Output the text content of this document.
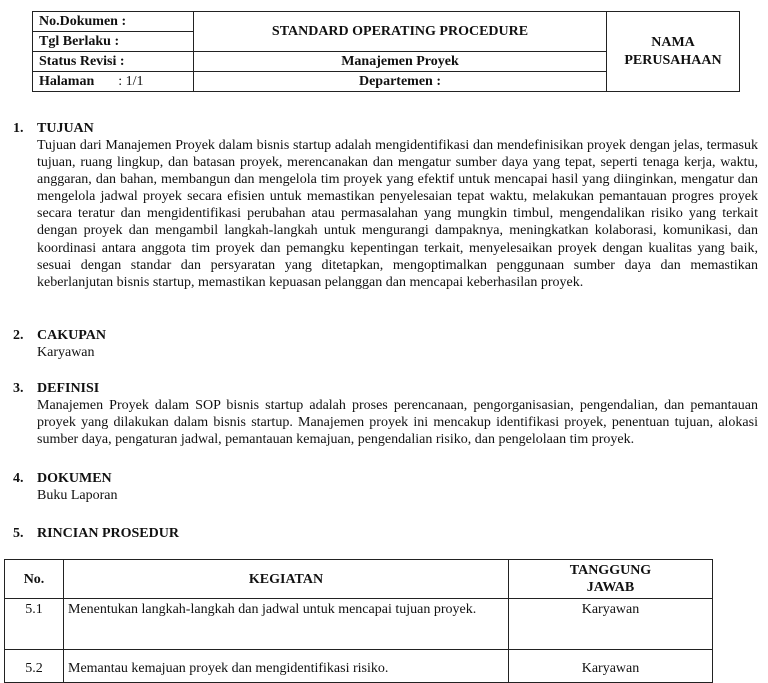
No.Dokumen :	STANDARD OPERATING PROCEDURE	NAMA
PERUSAHAAN
Tgl Berlaku :		
Status Revisi :	Manajemen Proyek	
Halaman : 1/1	Departemen :	
1. TUJUAN

Tujuan dari Manajemen Proyek dalam bisnis startup adalah mengidentifikasi dan mendefinisikan proyek dengan jelas, termasuk tujuan, ruang lingkup, dan batasan proyek, merencanakan dan mengatur sumber daya yang tepat, seperti tenaga kerja, waktu, anggaran, dan bahan, membangun dan mengelola tim proyek yang efektif untuk mencapai hasil yang diinginkan, mengatur dan mengelola jadwal proyek secara efisien untuk memastikan penyelesaian tepat waktu, melakukan pemantauan progres proyek secara teratur dan mengidentifikasi perubahan atau permasalahan yang mungkin timbul, mengendalikan risiko yang terkait dengan proyek dan mengambil langkah-langkah untuk mengurangi dampaknya, meningkatkan kolaborasi, komunikasi, dan koordinasi antara anggota tim proyek dan pemangku kepentingan terkait, menyelesaikan proyek dengan kualitas yang baik, sesuai dengan standar dan persyaratan yang ditetapkan, mengoptimalkan penggunaan sumber daya dan memastikan keberlanjutan bisnis startup, memastikan kepuasan pelanggan dan mencapai keberhasilan proyek.

2. CAKUPAN

Karyawan

3. DEFINISI

Manajemen Proyek dalam SOP bisnis startup adalah proses perencanaan, pengorganisasian, pengendalian, dan pemantauan proyek yang dilakukan dalam bisnis startup. Manajemen proyek ini mencakup identifikasi proyek, penentuan tujuan, alokasi sumber daya, pengaturan jadwal, pemantauan kemajuan, pengendalian risiko, dan pengelolaan tim proyek.

4. DOKUMEN

Buku Laporan

5. RINCIAN PROSEDUR
No.	KEGIATAN	TANGGUNG
JAWAB
5.1	Menentukan langkah-langkah dan jadwal untuk mencapai tujuan proyek.	Karyawan
5.2	Memantau kemajuan proyek dan mengidentifikasi risiko.	Karyawan
